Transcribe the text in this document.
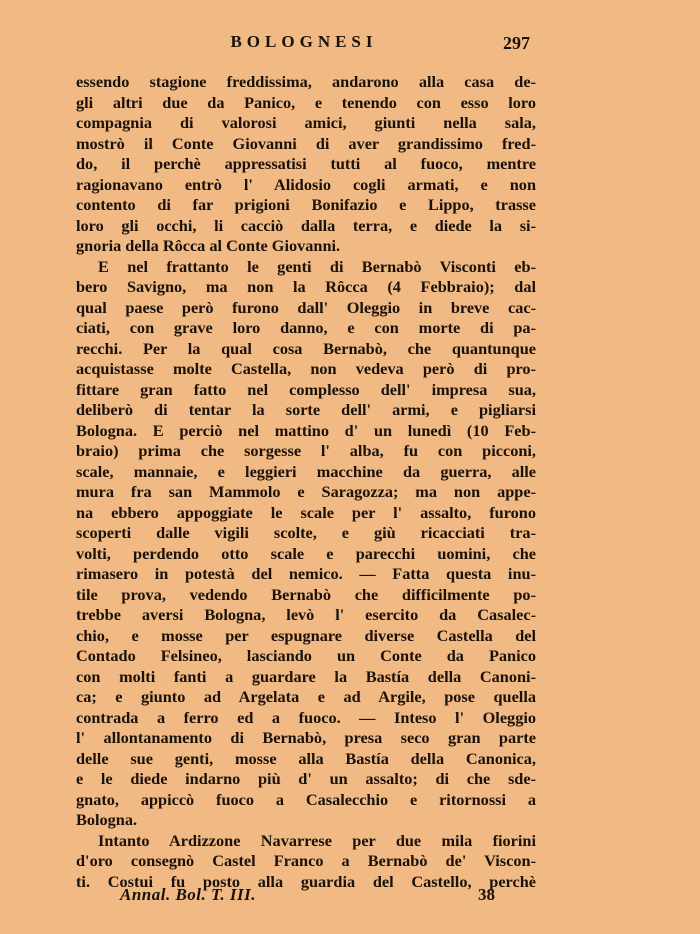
BOLOGNESI	297
essendo stagione freddissima, andarono alla casa de-
gli altri due da Panico, e tenendo con esso loro
compagnia di valorosi amici, giunti nella sala,
mostrò il Conte Giovanni di aver grandissimo fred-
do, il perchè appressatisi tutti al fuoco, mentre
ragionavano entrò l' Alidosio cogli armati, e non
contento di far prigioni Bonifazio e Lippo, trasse
loro gli occhi, li cacciò dalla terra, e diede la si-
gnoria della Rôcca al Conte Giovanni.
E nel frattanto le genti di Bernabò Visconti eb-
bero Savigno, ma non la Rôcca (4 Febbraio); dal
qual paese però furono dall' Oleggio in breve cac-
ciati, con grave loro danno, e con morte di pa-
recchi. Per la qual cosa Bernabò, che quantunque
acquistasse molte Castella, non vedeva però di pro-
fittare gran fatto nel complesso dell' impresa sua,
deliberò di tentar la sorte dell' armi, e pigliarsi
Bologna. E perciò nel mattino d' un lunedì (10 Feb-
braio) prima che sorgesse l' alba, fu con picconi,
scale, mannaie, e leggieri macchine da guerra, alle
mura fra san Mammolo e Saragozza; ma non appe-
na ebbero appoggiate le scale per l' assalto, furono
scoperti dalle vigili scolte, e giù ricacciati tra-
volti, perdendo otto scale e parecchi uomini, che
rimasero in potestà del nemico. — Fatta questa inu-
tile prova, vedendo Bernabò che difficilmente po-
trebbe aversi Bologna, levò l' esercito da Casalec-
chio, e mosse per espugnare diverse Castella del
Contado Felsineo, lasciando un Conte da Panico
con molti fanti a guardare la Bastía della Canoni-
ca; e giunto ad Argelata e ad Argile, pose quella
contrada a ferro ed a fuoco. — Inteso l' Oleggio
l' allontanamento di Bernabò, presa seco gran parte
delle sue genti, mosse alla Bastía della Canonica,
e le diede indarno più d' un assalto; di che sde-
gnato, appiccò fuoco a Casalecchio e ritornossi a
Bologna.
Intanto Ardizzone Navarrese per due mila fiorini
d'oro consegnò Castel Franco a Bernabò de' Viscon-
ti. Costui fu posto alla guardia del Castello, perchè
Annal. Bol. T. III.	38
